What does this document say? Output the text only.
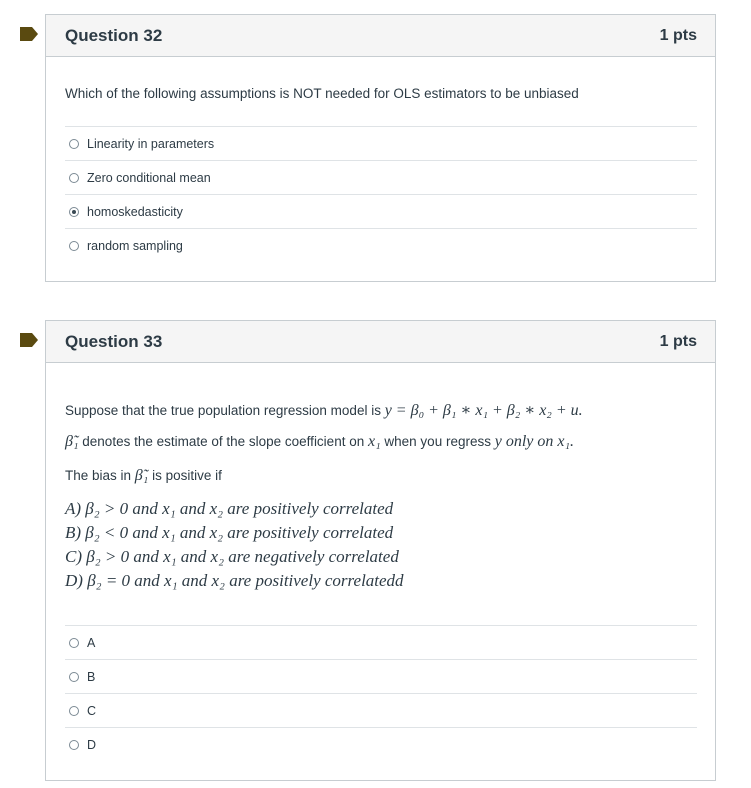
Question 32	1 pts
Which of the following assumptions is NOT needed for OLS estimators to be unbiased
Linearity in parameters
Zero conditional mean
homoskedasticity
random sampling
Question 33	1 pts
Suppose that the true population regression model is y = β₀ + β₁ ∗ x₁ + β₂ ∗ x₂ + u.
β̃₁ denotes the estimate of the slope coefficient on x₁ when you regress y only on x₁.
The bias in β̃₁ is positive if
A) β₂ > 0 and x₁ and x₂ are positively correlated
B) β₂ < 0 and x₁ and x₂ are positively correlated
C) β₂ > 0 and x₁ and x₂ are negatively correlated
D) β₂ = 0 and x₁ and x₂ are positively correlatedd
A
B
C
D
